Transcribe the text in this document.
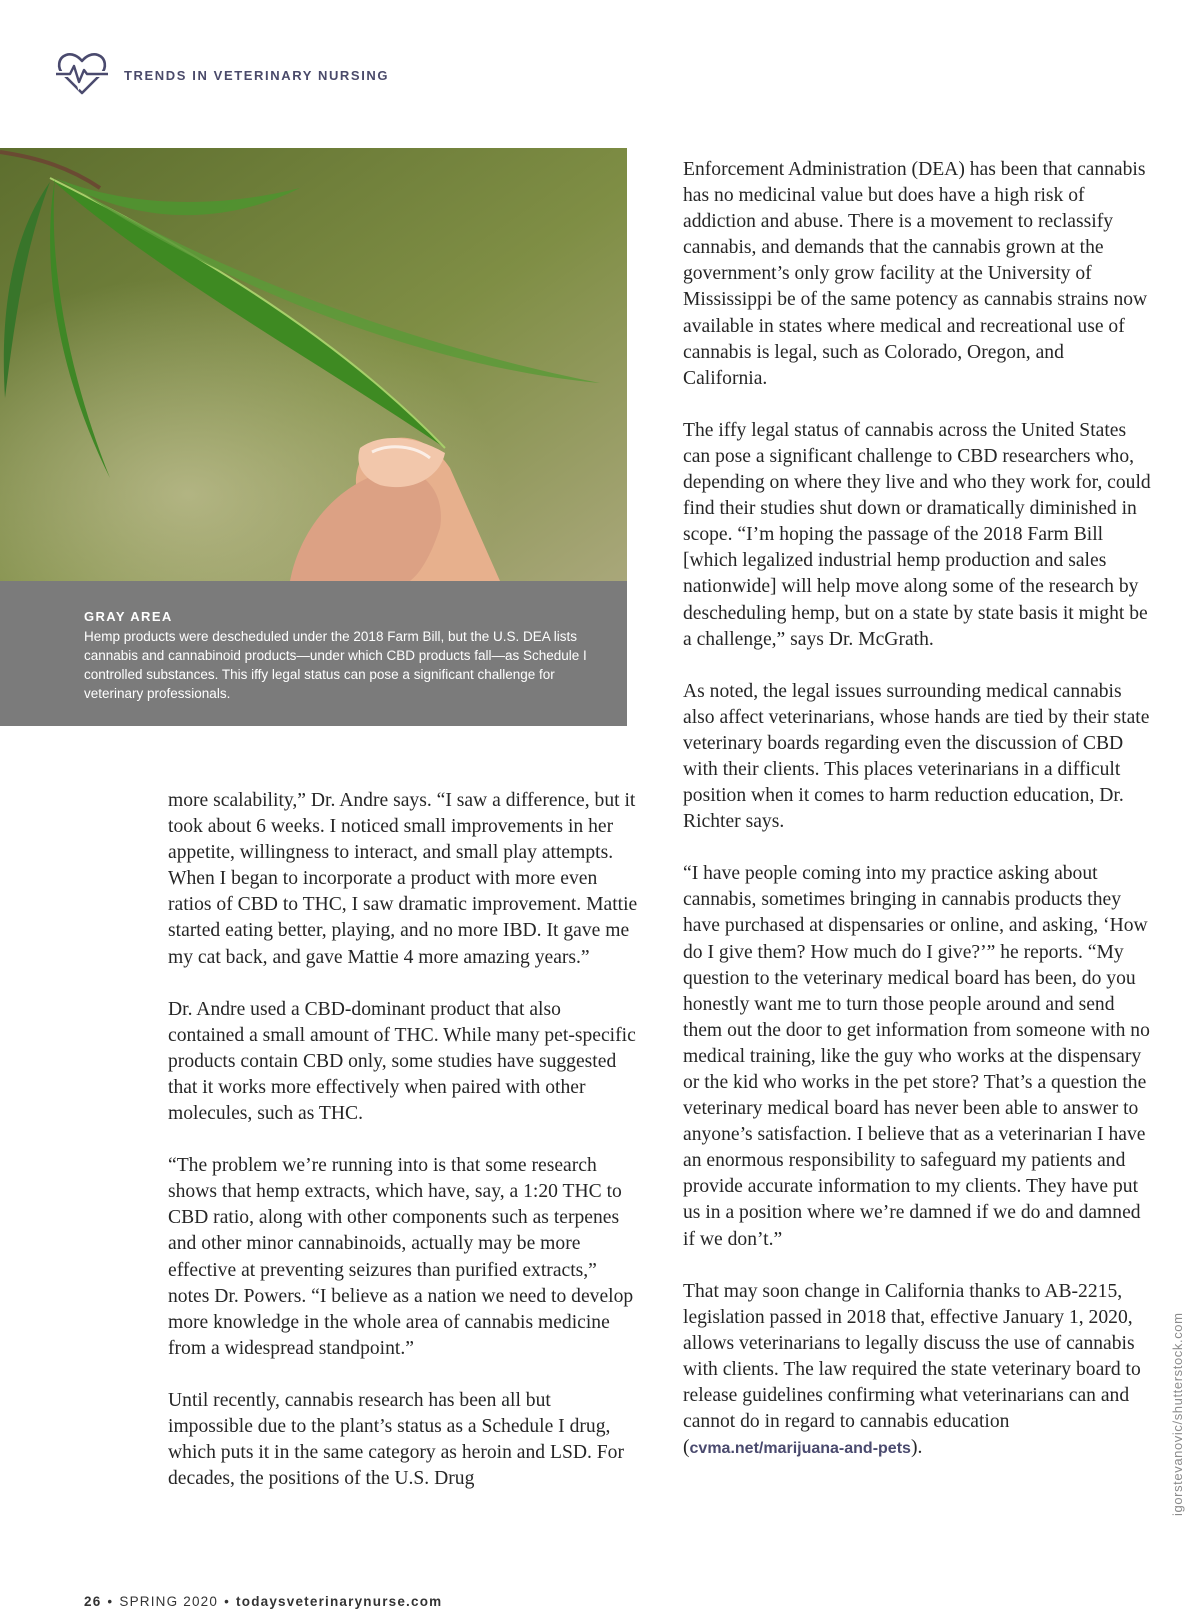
TRENDS IN VETERINARY NURSING
GRAY AREA
Hemp products were descheduled under the 2018 Farm Bill, but the U.S. DEA lists cannabis and cannabinoid products—under which CBD products fall—as Schedule I controlled substances. This iffy legal status can pose a significant challenge for veterinary professionals.

more scalability,” Dr. Andre says. “I saw a difference, but it took about 6 weeks. I noticed small improvements in her appetite, willingness to interact, and small play attempts. When I began to incorporate a product with more even ratios of CBD to THC, I saw dramatic improvement. Mattie started eating better, playing, and no more IBD. It gave me my cat back, and gave Mattie 4 more amazing years.”

Dr. Andre used a CBD-dominant product that also contained a small amount of THC. While many pet-specific products contain CBD only, some studies have suggested that it works more effectively when paired with other molecules, such as THC.

“The problem we’re running into is that some research shows that hemp extracts, which have, say, a 1:20 THC to CBD ratio, along with other components such as terpenes and other minor cannabinoids, actually may be more effective at preventing seizures than purified extracts,” notes Dr. Powers. “I believe as a nation we need to develop more knowledge in the whole area of cannabis medicine from a widespread standpoint.”

Until recently, cannabis research has been all but impossible due to the plant’s status as a Schedule I drug, which puts it in the same category as heroin and LSD. For decades, the positions of the U.S. Drug

Enforcement Administration (DEA) has been that cannabis has no medicinal value but does have a high risk of addiction and abuse. There is a movement to reclassify cannabis, and demands that the cannabis grown at the government’s only grow facility at the University of Mississippi be of the same potency as cannabis strains now available in states where medical and recreational use of cannabis is legal, such as Colorado, Oregon, and California.

The iffy legal status of cannabis across the United States can pose a significant challenge to CBD researchers who, depending on where they live and who they work for, could find their studies shut down or dramatically diminished in scope. “I’m hoping the passage of the 2018 Farm Bill [which legalized industrial hemp production and sales nationwide] will help move along some of the research by descheduling hemp, but on a state by state basis it might be a challenge,” says Dr. McGrath.

As noted, the legal issues surrounding medical cannabis also affect veterinarians, whose hands are tied by their state veterinary boards regarding even the discussion of CBD with their clients. This places veterinarians in a difficult position when it comes to harm reduction education, Dr. Richter says.

“I have people coming into my practice asking about cannabis, sometimes bringing in cannabis products they have purchased at dispensaries or online, and asking, ‘How do I give them? How much do I give?’” he reports. “My question to the veterinary medical board has been, do you honestly want me to turn those people around and send them out the door to get information from someone with no medical training, like the guy who works at the dispensary or the kid who works in the pet store? That’s a question the veterinary medical board has never been able to answer to anyone’s satisfaction. I believe that as a veterinarian I have an enormous responsibility to safeguard my patients and provide accurate information to my clients. They have put us in a position where we’re damned if we do and damned if we don’t.”

That may soon change in California thanks to AB-2215, legislation passed in 2018 that, effective January 1, 2020, allows veterinarians to legally discuss the use of cannabis with clients. The law required the state veterinary board to release guidelines confirming what veterinarians can and cannot do in regard to cannabis education (cvma.net/marijuana-and-pets).	igorstevanovic/shutterstock.com
26 • SPRING 2020 • todaysveterinarynurse.com
